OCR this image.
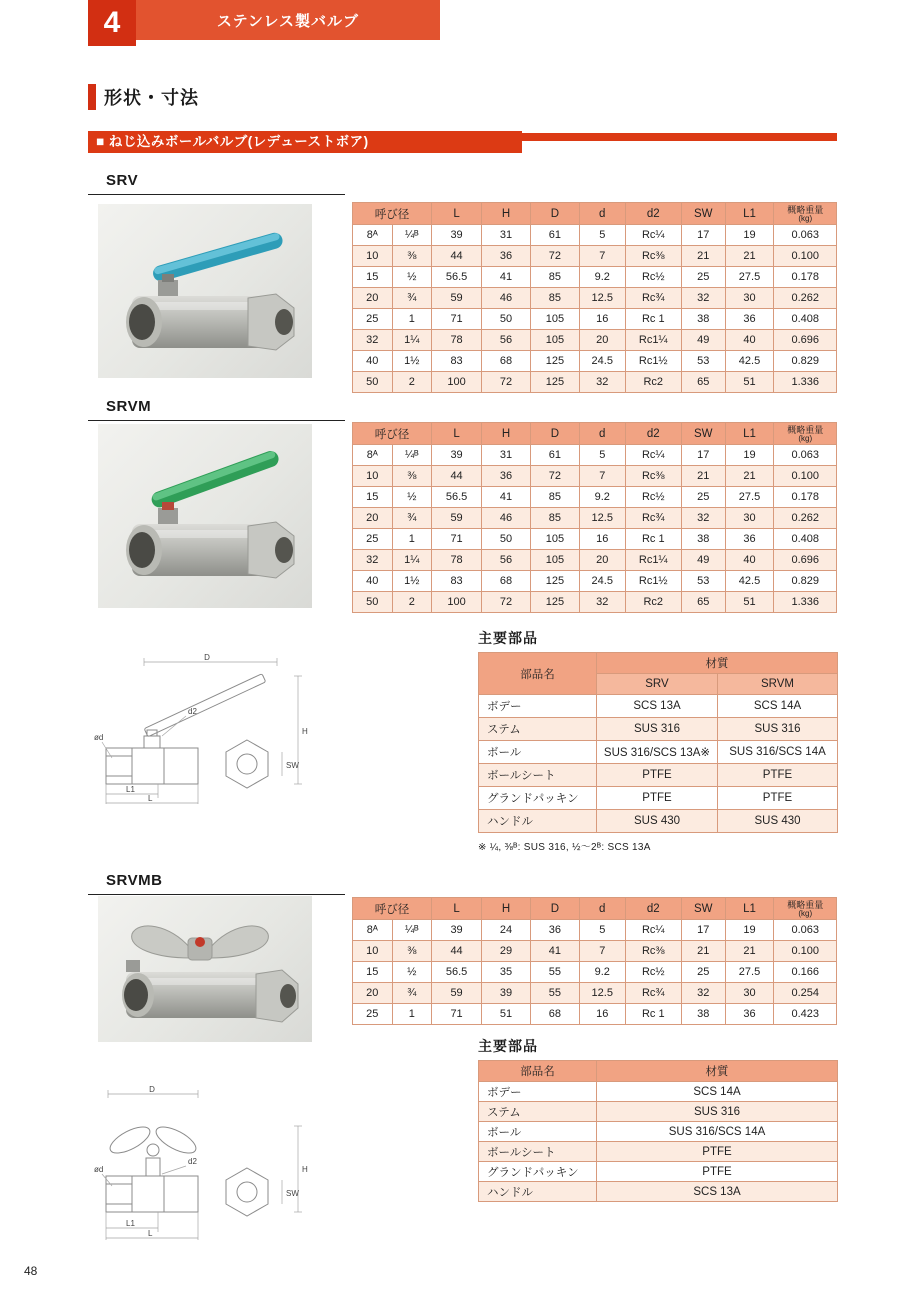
4	ステンレス製バルブ
形状・寸法
■ ねじ込みボールバルブ(レデューストボア)
SRV
呼び径		L	H	D	d	d2	SW	L1	概略重量
(kg)

8ᴬ	¼ᴮ	39	31	61	5	Rc¼	17	19	0.063
10	⅜	44	36	72	7	Rc⅜	21	21	0.100
15	½	56.5	41	85	9.2	Rc½	25	27.5	0.178
20	¾	59	46	85	12.5	Rc¾	32	30	0.262
25	1	71	50	105	16	Rc 1	38	36	0.408
32	1¼	78	56	105	20	Rc1¼	49	40	0.696
40	1½	83	68	125	24.5	Rc1½	53	42.5	0.829
50	2	100	72	125	32	Rc2	65	51	1.336
SRVM
呼び径		L	H	D	d	d2	SW	L1	概略重量
(kg)

8ᴬ	¼ᴮ	39	31	61	5	Rc¼	17	19	0.063
10	⅜	44	36	72	7	Rc⅜	21	21	0.100
15	½	56.5	41	85	9.2	Rc½	25	27.5	0.178
20	¾	59	46	85	12.5	Rc¾	32	30	0.262
25	1	71	50	105	16	Rc 1	38	36	0.408
32	1¼	78	56	105	20	Rc1¼	49	40	0.696
40	1½	83	68	125	24.5	Rc1½	53	42.5	0.829
50	2	100	72	125	32	Rc2	65	51	1.336
D
H
d2
ød
SW
L1
L
主要部品
部品名	材質	
	SRV	SRVM
ボデー	SCS 13A	SCS 14A
ステム	SUS 316	SUS 316
ボール	SUS 316/SCS 13A※	SUS 316/SCS 14A
ボールシート	PTFE	PTFE
グランドパッキン	PTFE	PTFE
ハンドル	SUS 430	SUS 430
※ ¼, ⅜ᴮ: SUS 316, ½～2ᴮ: SCS 13A
SRVMB
呼び径		L	H	D	d	d2	SW	L1	概略重量
(kg)

8ᴬ	¼ᴮ	39	24	36	5	Rc¼	17	19	0.063
10	⅜	44	29	41	7	Rc⅜	21	21	0.100
15	½	56.5	35	55	9.2	Rc½	25	27.5	0.166
20	¾	59	39	55	12.5	Rc¾	32	30	0.254
25	1	71	51	68	16	Rc 1	38	36	0.423
D
H
d2
ød
SW
L1
L
主要部品
部品名	材質
ボデー	SCS 14A
ステム	SUS 316
ボール	SUS 316/SCS 14A
ボールシート	PTFE
グランドパッキン	PTFE
ハンドル	SCS 13A
48
